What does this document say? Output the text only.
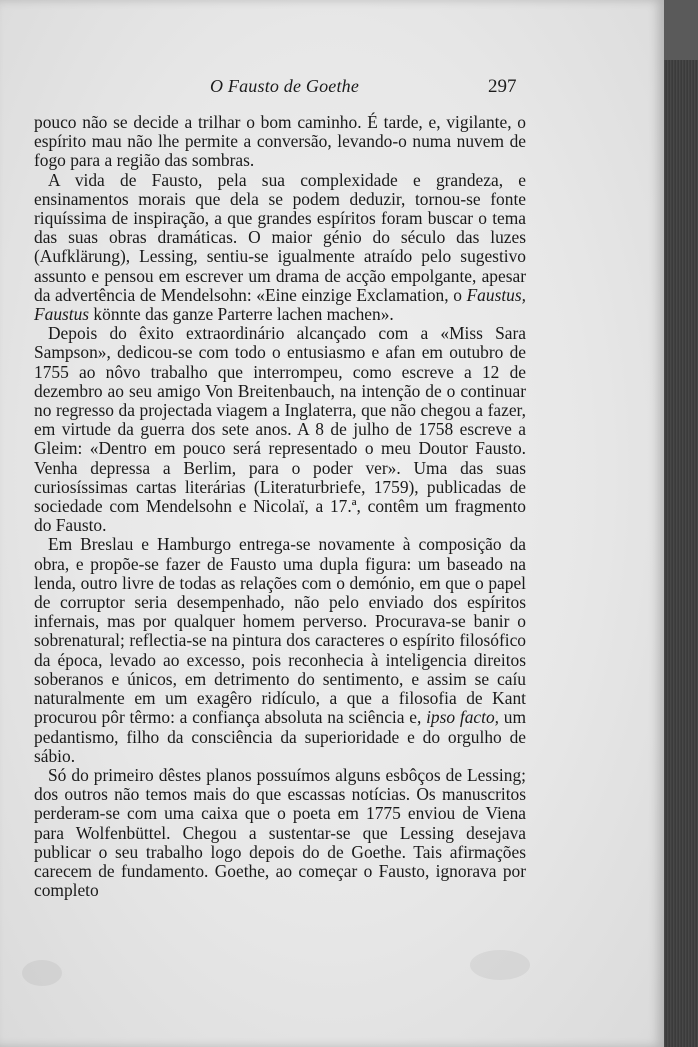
O Fausto de Goethe	297

pouco não se decide a trilhar o bom caminho. É tarde, e, vigilante, o espírito mau não lhe permite a conversão, levando-o numa nuvem de fogo para a região das sombras.

A vida de Fausto, pela sua complexidade e grandeza, e ensinamentos morais que dela se podem deduzir, tornou-se fonte riquíssima de inspiração, a que grandes espíritos foram buscar o tema das suas obras dramáticas. O maior génio do século das luzes (Aufklärung), Lessing, sentiu-se igualmente atraído pelo sugestivo assunto e pensou em escrever um drama de acção empolgante, apesar da advertência de Mendelsohn: «Eine einzige Exclamation, o Faustus, Faustus könnte das ganze Parterre lachen machen».

Depois do êxito extraordinário alcançado com a «Miss Sara Sampson», dedicou-se com todo o entusiasmo e afan em outubro de 1755 ao nôvo trabalho que interrompeu, como escreve a 12 de dezembro ao seu amigo Von Breitenbauch, na intenção de o continuar no regresso da projectada viagem a Inglaterra, que não chegou a fazer, em virtude da guerra dos sete anos. A 8 de julho de 1758 escreve a Gleim: «Dentro em pouco será representado o meu Doutor Fausto. Venha depressa a Berlim, para o poder ver». Uma das suas curiosíssimas cartas literárias (Literaturbriefe, 1759), publicadas de sociedade com Mendelsohn e Nicolaï, a 17.ª, contêm um fragmento do Fausto.

Em Breslau e Hamburgo entrega-se novamente à composição da obra, e propõe-se fazer de Fausto uma dupla figura: um baseado na lenda, outro livre de todas as relações com o demónio, em que o papel de corruptor seria desempenhado, não pelo enviado dos espíritos infernais, mas por qualquer homem perverso. Procurava-se banir o sobrenatural; reflectia-se na pintura dos caracteres o espírito filosófico da época, levado ao excesso, pois reconhecia à inteligencia direitos soberanos e únicos, em detrimento do sentimento, e assim se caíu naturalmente em um exagêro ridículo, a que a filosofia de Kant procurou pôr têrmo: a confiança absoluta na sciência e, ipso facto, um pedantismo, filho da consciência da superioridade e do orgulho de sábio.

Só do primeiro dêstes planos possuímos alguns esbôços de Lessing; dos outros não temos mais do que escassas notícias. Os manuscritos perderam-se com uma caixa que o poeta em 1775 enviou de Viena para Wolfenbüttel. Chegou a sustentar-se que Lessing desejava publicar o seu trabalho logo depois do de Goethe. Tais afirmações carecem de fundamento. Goethe, ao começar o Fausto, ignorava por completo
